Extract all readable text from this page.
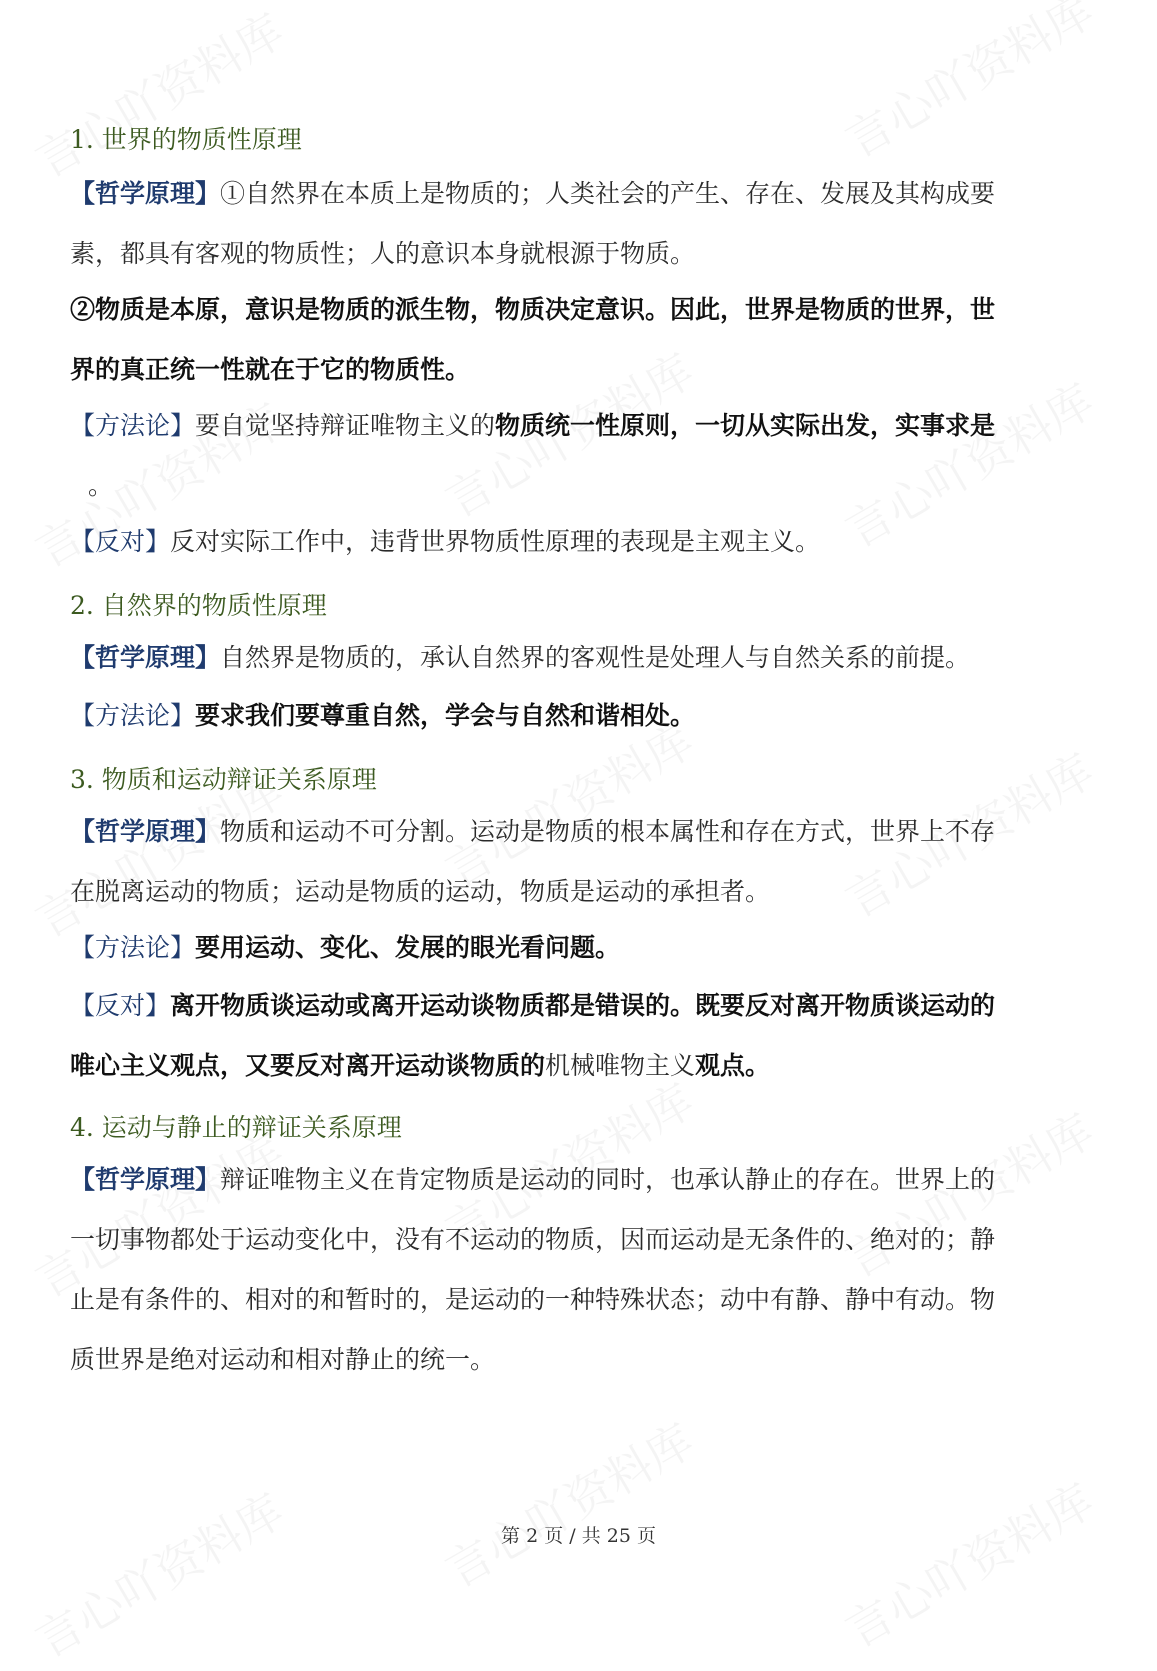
1. 世界的物质性原理
【哲学原理】①自然界在本质上是物质的；人类社会的产生、存在、发展及其构成要
素，都具有客观的物质性；人的意识本身就根源于物质。
②物质是本原，意识是物质的派生物，物质决定意识。因此，世界是物质的世界，世
界的真正统一性就在于它的物质性。
【方法论】要自觉坚持辩证唯物主义的物质统一性原则，一切从实际出发，实事求是
。
【反对】反对实际工作中，违背世界物质性原理的表现是主观主义。
2. 自然界的物质性原理
【哲学原理】自然界是物质的，承认自然界的客观性是处理人与自然关系的前提。
【方法论】要求我们要尊重自然，学会与自然和谐相处。
3. 物质和运动辩证关系原理
【哲学原理】物质和运动不可分割。运动是物质的根本属性和存在方式，世界上不存
在脱离运动的物质；运动是物质的运动，物质是运动的承担者。
【方法论】要用运动、变化、发展的眼光看问题。
【反对】离开物质谈运动或离开运动谈物质都是错误的。既要反对离开物质谈运动的
唯心主义观点，又要反对离开运动谈物质的机械唯物主义观点。
4. 运动与静止的辩证关系原理
【哲学原理】辩证唯物主义在肯定物质是运动的同时，也承认静止的存在。世界上的
一切事物都处于运动变化中，没有不运动的物质，因而运动是无条件的、绝对的；静
止是有条件的、相对的和暂时的，是运动的一种特殊状态；动中有静、静中有动。物
质世界是绝对运动和相对静止的统一。
第 2 页 / 共 25 页
